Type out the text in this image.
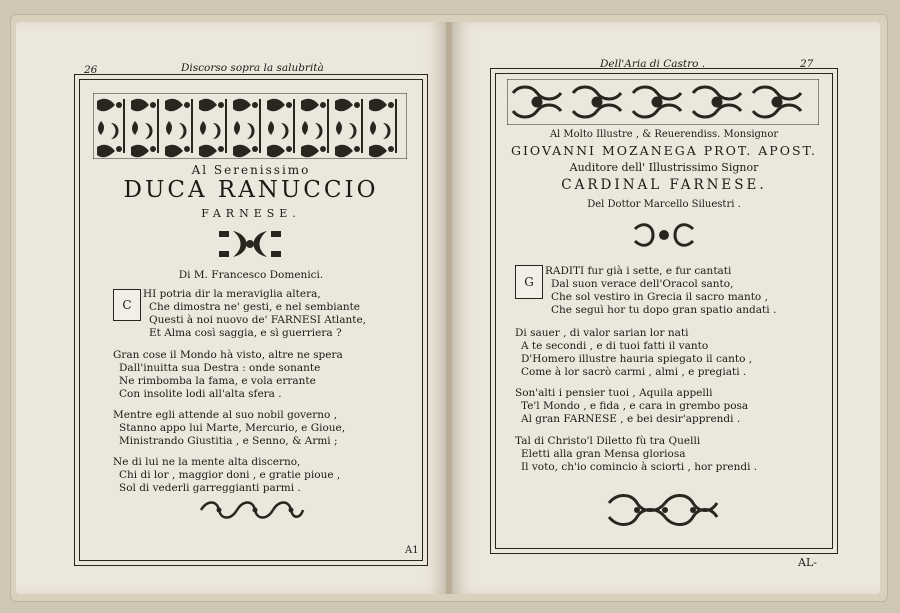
26	Discorso sopra la salubrità
Al Serenissimo
DUCA RANUCCIO
FARNESE.
Di M. Francesco Domenici.
C
HI potria dir la meraviglia altera,
Che dimostra ne' gesti, e nel sembiante
Questi à noi nuovo de' FARNESI Atlante,
Et Alma così saggia, e sì guerriera ?
Gran cose il Mondo hà visto, altre ne spera
Dall'inuitta sua Destra : onde sonante
Ne rimbomba la fama, e vola errante
Con insolite lodi all'alta sfera .
Mentre egli attende al suo nobil governo ,
Stanno appo lui Marte, Mercurio, e Gioue,
Ministrando Giustitia , e Senno, & Armi ;
Ne di lui ne la mente alta discerno,
Chi di lor , maggior doni , e gratie pioue ,
Sol di vederli garreggianti parmi .
A1
Dell'Aria di Castro .	27
Al Molto Illustre , & Reuerendiss. Monsignor
GIOVANNI MOZANEGA PROT. APOST.
Auditore dell' Illustrissimo Signor
CARDINAL FARNESE.
Del Dottor Marcello Siluestri .
G
RADITI fur già i sette, e fur cantati
Dal suon verace dell'Oracol santo,
Che sol vestiro in Grecia il sacro manto ,
Che seguì hor tu dopo gran spatio andati .
Di sauer , di valor sarian lor nati
A te secondi , e di tuoi fatti il vanto
D'Homero illustre hauria spiegato il canto ,
Come à lor sacrò carmi , almi , e pregiati .
Son'alti i pensier tuoi , Aquila appelli
Te'l Mondo , e fida , e cara in grembo posa
Al gran FARNESE , e bei desir'apprendi .
Tal di Christo'l Diletto fù tra Quelli
Eletti alla gran Mensa gloriosa
Il voto, ch'io comincio à sciorti , hor prendi .
AL-
